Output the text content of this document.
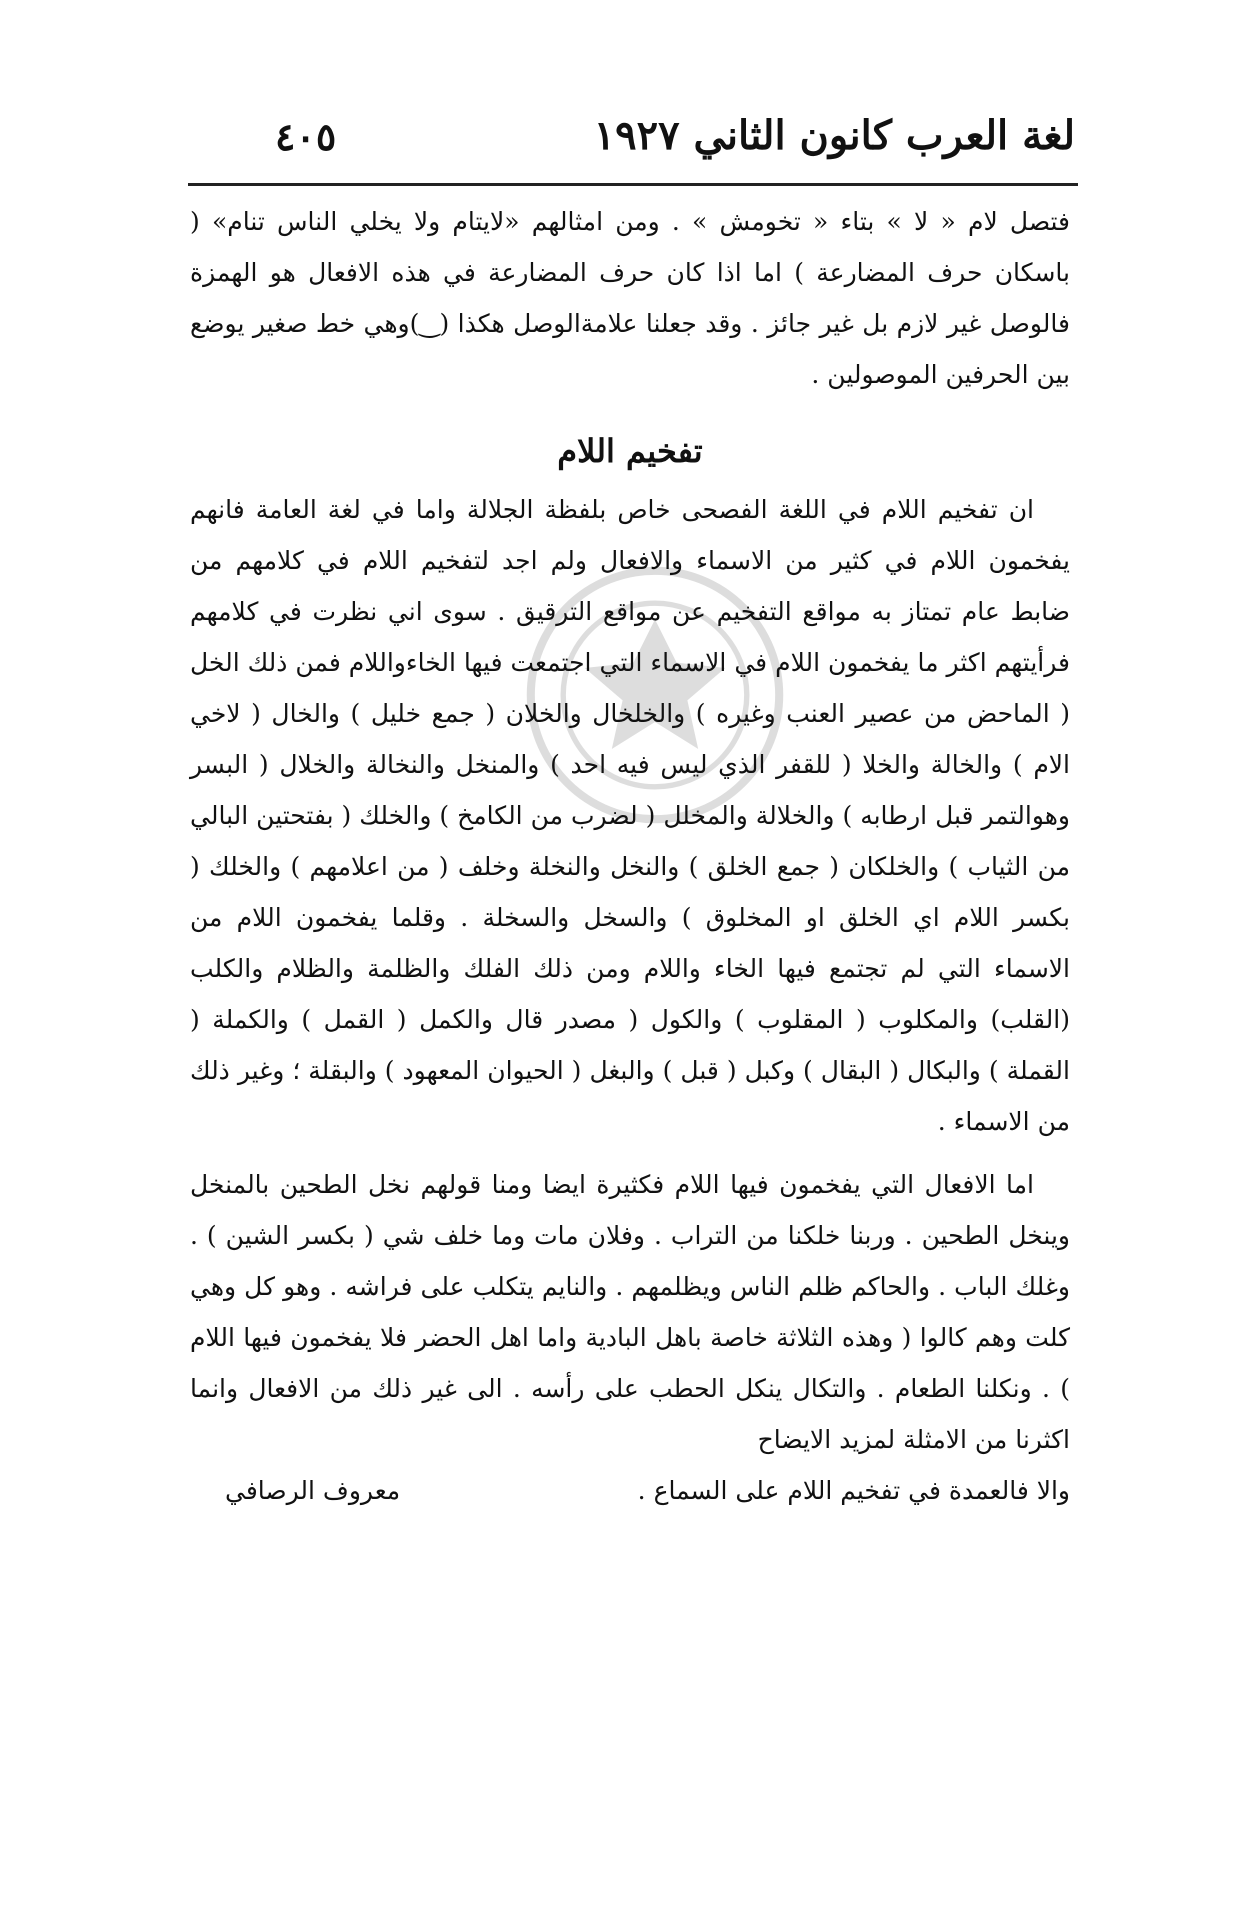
لغة العرب كانون الثاني ١٩٢٧
٤٠٥

فتصل لام « لا » بتاء « تخومش » . ومن امثالهم «لايتام ولا يخلي الناس تنام» ( باسكان حرف المضارعة ) اما اذا كان حرف المضارعة في هذه الافعال هو الهمزة فالوصل غير لازم بل غير جائز . وقد جعلنا علامةالوصل هكذا (‿)وهي خط صغير يوضع بين الحرفين الموصولين .

تفخيم اللام

ان تفخيم اللام في اللغة الفصحى خاص بلفظة الجلالة واما في لغة العامة فانهم يفخمون اللام في كثير من الاسماء والافعال ولم اجد لتفخيم اللام في كلامهم من ضابط عام تمتاز به مواقع التفخيم عن مواقع الترقيق . سوى اني نظرت في كلامهم فرأيتهم اكثر ما يفخمون اللام في الاسماء التي اجتمعت فيها الخاءواللام فمن ذلك الخل ( الماحض من عصير العنب وغيره ) والخلخال والخلان ( جمع خليل ) والخال ( لاخي الام ) والخالة والخلا ( للقفر الذي ليس فيه احد ) والمنخل والنخالة والخلال ( البسر وهوالتمر قبل ارطابه ) والخلالة والمخلل ( لضرب من الكامخ ) والخلك ( بفتحتين البالي من الثياب ) والخلكان ( جمع الخلق ) والنخل والنخلة وخلف ( من اعلامهم ) والخلك ( بكسر اللام اي الخلق او المخلوق ) والسخل والسخلة . وقلما يفخمون اللام من الاسماء التي لم تجتمع فيها الخاء واللام ومن ذلك الفلك والظلمة والظلام والكلب (القلب) والمكلوب ( المقلوب ) والكول ( مصدر قال والكمل ( القمل ) والكملة ( القملة ) والبكال ( البقال ) وكبل ( قبل ) والبغل ( الحيوان المعهود ) والبقلة ؛ وغير ذلك من الاسماء .

اما الافعال التي يفخمون فيها اللام فكثيرة ايضا ومنا قولهم نخل الطحين بالمنخل وينخل الطحين . وربنا خلكنا من التراب . وفلان مات وما خلف شي ( بكسر الشين ) . وغلك الباب . والحاكم ظلم الناس ويظلمهم . والنايم يتكلب على فراشه . وهو كل وهي كلت وهم كالوا ( وهذه الثلاثة خاصة باهل البادية واما اهل الحضر فلا يفخمون فيها اللام ) . ونكلنا الطعام . والتكال ينكل الحطب على رأسه . الى غير ذلك من الافعال وانما اكثرنا من الامثلة لمزيد الايضاح

والا فالعمدة في تفخيم اللام على السماع .
معروف الرصافي
